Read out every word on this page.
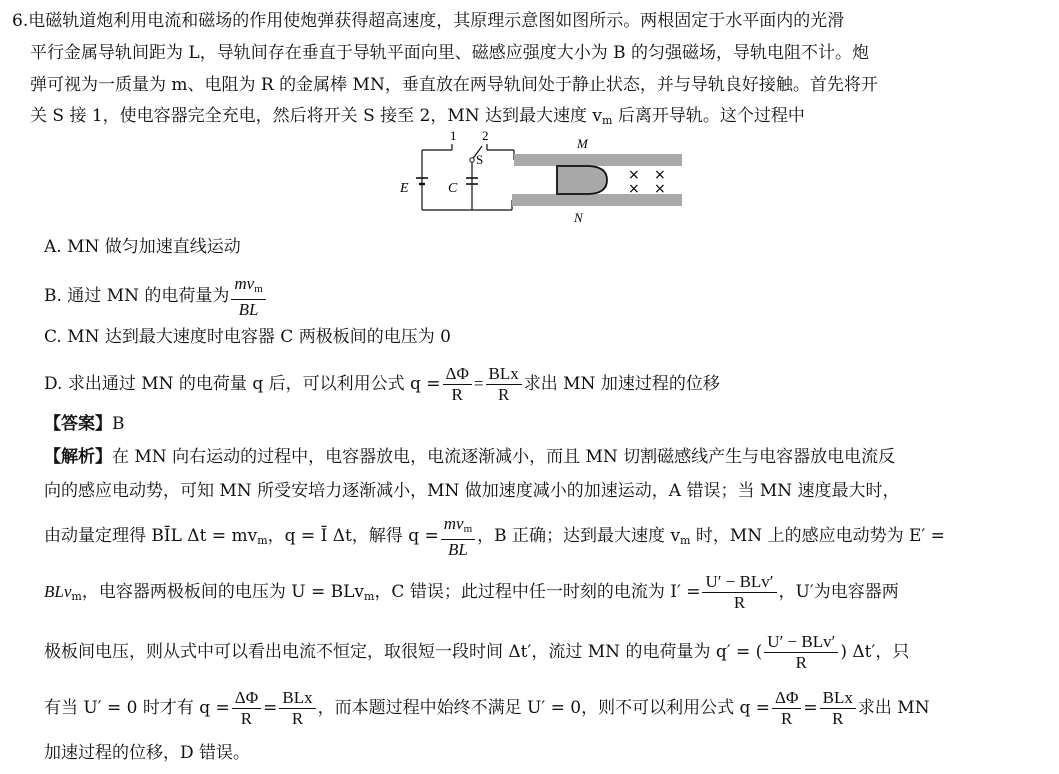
6.电磁轨道炮利用电流和磁场的作用使炮弹获得超高速度，其原理示意图如图所示。两根固定于水平面内的光滑
平行金属导轨间距为 L，导轨间存在垂直于导轨平面向里、磁感应强度大小为 B 的匀强磁场，导轨电阻不计。炮
弹可视为一质量为 m、电阻为 R 的金属棒 MN，垂直放在两导轨间处于静止状态，并与导轨良好接触。首先将开
关 S 接 1，使电容器完全充电，然后将开关 S 接至 2，MN 达到最大速度 $v_m$ 后离开导轨。这个过程中
1 2
S
E	C
M
N
× ×
× ×
A. MN 做匀加速直线运动
B. 通过 MN 的电荷量为 $\frac{mv_m}{BL}$
C. MN 达到最大速度时电容器 C 两极板间的电压为 0
D. 求出通过 MN 的电荷量 q 后，可以利用公式 $q = \frac{\Delta\Phi}{R} = \frac{\text{BLx}}{R}$ 求出 MN 加速过程的位移
【答案】B
【解析】在 MN 向右运动的过程中，电容器放电，电流逐渐减小，而且 MN 切割磁感线产生与电容器放电电流反
向的感应电动势，可知 MN 所受安培力逐渐减小，MN 做加速度减小的加速运动，A 错误；当 MN 速度最大时，
由动量定理得 BĪL $\Delta t = mv_m$，q = Ī Δt，解得 $q = \frac{mv_m}{BL}$ ，B 正确；达到最大速度 $v_m$ 时，MN 上的感应电动势为 E′ =
BLv$_m$，电容器两极板间的电压为 U = BLv$_m$，C 错误；此过程中任一时刻的电流为 $I' = \frac{\text{U′ − BLv′}}{R}$ ，U′为电容器两
极板间电压，则从式中可以看出电流不恒定，取很短一段时间 Δt′，流过 MN 的电荷量为 q′ = ( $\frac{\text{U′ − BLv′}}{R}$ ) Δt′，只
有当 U′ = 0 时才有 $q = \frac{\Delta\Phi}{R} = \frac{\text{BLx}}{R}$ ，而本题过程中始终不满足 U′ = 0，则不可以利用公式 $q = \frac{\Delta\Phi}{R} = \frac{\text{BLx}}{R}$ 求出 MN
加速过程的位移，D 错误。
